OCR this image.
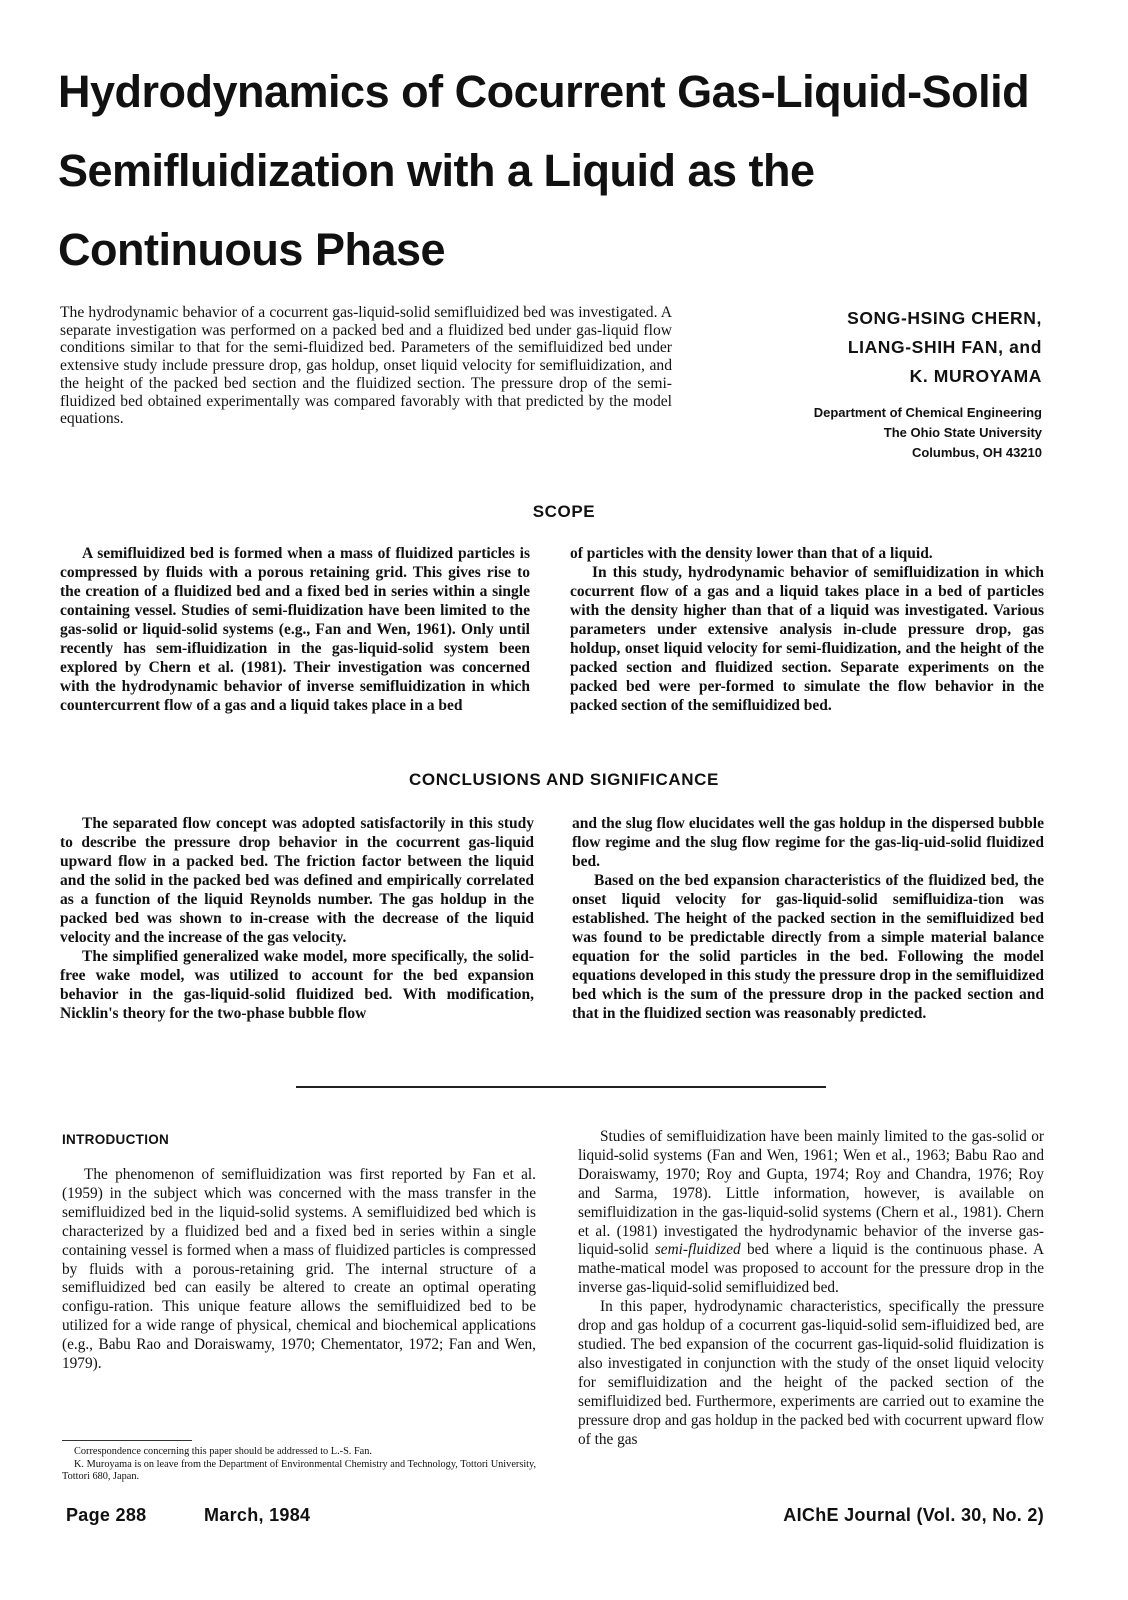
Hydrodynamics of Cocurrent Gas-Liquid-Solid Semifluidization with a Liquid as the Continuous Phase

The hydrodynamic behavior of a cocurrent gas-liquid-solid semifluidized bed was investigated. A separate investigation was performed on a packed bed and a fluidized bed under gas-liquid flow conditions similar to that for the semi-fluidized bed. Parameters of the semifluidized bed under extensive study include pressure drop, gas holdup, onset liquid velocity for semifluidization, and the height of the packed bed section and the fluidized section. The pressure drop of the semi-fluidized bed obtained experimentally was compared favorably with that predicted by the model equations.

SONG-HSING CHERN,
LIANG-SHIH FAN, and
K. MUROYAMA
Department of Chemical Engineering
The Ohio State University
Columbus, OH 43210
SCOPE

A semifluidized bed is formed when a mass of fluidized particles is compressed by fluids with a porous retaining grid. This gives rise to the creation of a fluidized bed and a fixed bed in series within a single containing vessel. Studies of semi-fluidization have been limited to the gas-solid or liquid-solid systems (e.g., Fan and Wen, 1961). Only until recently has sem-ifluidization in the gas-liquid-solid system been explored by Chern et al. (1981). Their investigation was concerned with the hydrodynamic behavior of inverse semifluidization in which countercurrent flow of a gas and a liquid takes place in a bed

of particles with the density lower than that of a liquid.

In this study, hydrodynamic behavior of semifluidization in which cocurrent flow of a gas and a liquid takes place in a bed of particles with the density higher than that of a liquid was investigated. Various parameters under extensive analysis in-clude pressure drop, gas holdup, onset liquid velocity for semi-fluidization, and the height of the packed section and fluidized section. Separate experiments on the packed bed were per-formed to simulate the flow behavior in the packed section of the semifluidized bed.

CONCLUSIONS AND SIGNIFICANCE

The separated flow concept was adopted satisfactorily in this study to describe the pressure drop behavior in the cocurrent gas-liquid upward flow in a packed bed. The friction factor between the liquid and the solid in the packed bed was defined and empirically correlated as a function of the liquid Reynolds number. The gas holdup in the packed bed was shown to in-crease with the decrease of the liquid velocity and the increase of the gas velocity.

The simplified generalized wake model, more specifically, the solid-free wake model, was utilized to account for the bed expansion behavior in the gas-liquid-solid fluidized bed. With modification, Nicklin's theory for the two-phase bubble flow

and the slug flow elucidates well the gas holdup in the dispersed bubble flow regime and the slug flow regime for the gas-liq-uid-solid fluidized bed.

Based on the bed expansion characteristics of the fluidized bed, the onset liquid velocity for gas-liquid-solid semifluidiza-tion was established. The height of the packed section in the semifluidized bed was found to be predictable directly from a simple material balance equation for the solid particles in the bed. Following the model equations developed in this study the pressure drop in the semifluidized bed which is the sum of the pressure drop in the packed section and that in the fluidized section was reasonably predicted.

INTRODUCTION

The phenomenon of semifluidization was first reported by Fan et al. (1959) in the subject which was concerned with the mass transfer in the semifluidized bed in the liquid-solid systems. A semifluidized bed which is characterized by a fluidized bed and a fixed bed in series within a single containing vessel is formed when a mass of fluidized particles is compressed by fluids with a porous-retaining grid. The internal structure of a semifluidized bed can easily be altered to create an optimal operating configu-ration. This unique feature allows the semifluidized bed to be utilized for a wide range of physical, chemical and biochemical applications (e.g., Babu Rao and Doraiswamy, 1970; Chementator, 1972; Fan and Wen, 1979).

Studies of semifluidization have been mainly limited to the gas-solid or liquid-solid systems (Fan and Wen, 1961; Wen et al., 1963; Babu Rao and Doraiswamy, 1970; Roy and Gupta, 1974; Roy and Chandra, 1976; Roy and Sarma, 1978). Little information, however, is available on semifluidization in the gas-liquid-solid systems (Chern et al., 1981). Chern et al. (1981) investigated the hydrodynamic behavior of the inverse gas-liquid-solid semi-fluidized bed where a liquid is the continuous phase. A mathe-matical model was proposed to account for the pressure drop in the inverse gas-liquid-solid semifluidized bed.

In this paper, hydrodynamic characteristics, specifically the pressure drop and gas holdup of a cocurrent gas-liquid-solid sem-ifluidized bed, are studied. The bed expansion of the cocurrent gas-liquid-solid fluidization is also investigated in conjunction with the study of the onset liquid velocity for semifluidization and the height of the packed section of the semifluidized bed. Furthermore, experiments are carried out to examine the pressure drop and gas holdup in the packed bed with cocurrent upward flow of the gas

Correspondence concerning this paper should be addressed to L.-S. Fan.

K. Muroyama is on leave from the Department of Environmental Chemistry and Technology, Tottori University, Tottori 680, Japan.

Page 288	March, 1984	AIChE Journal (Vol. 30, No. 2)
